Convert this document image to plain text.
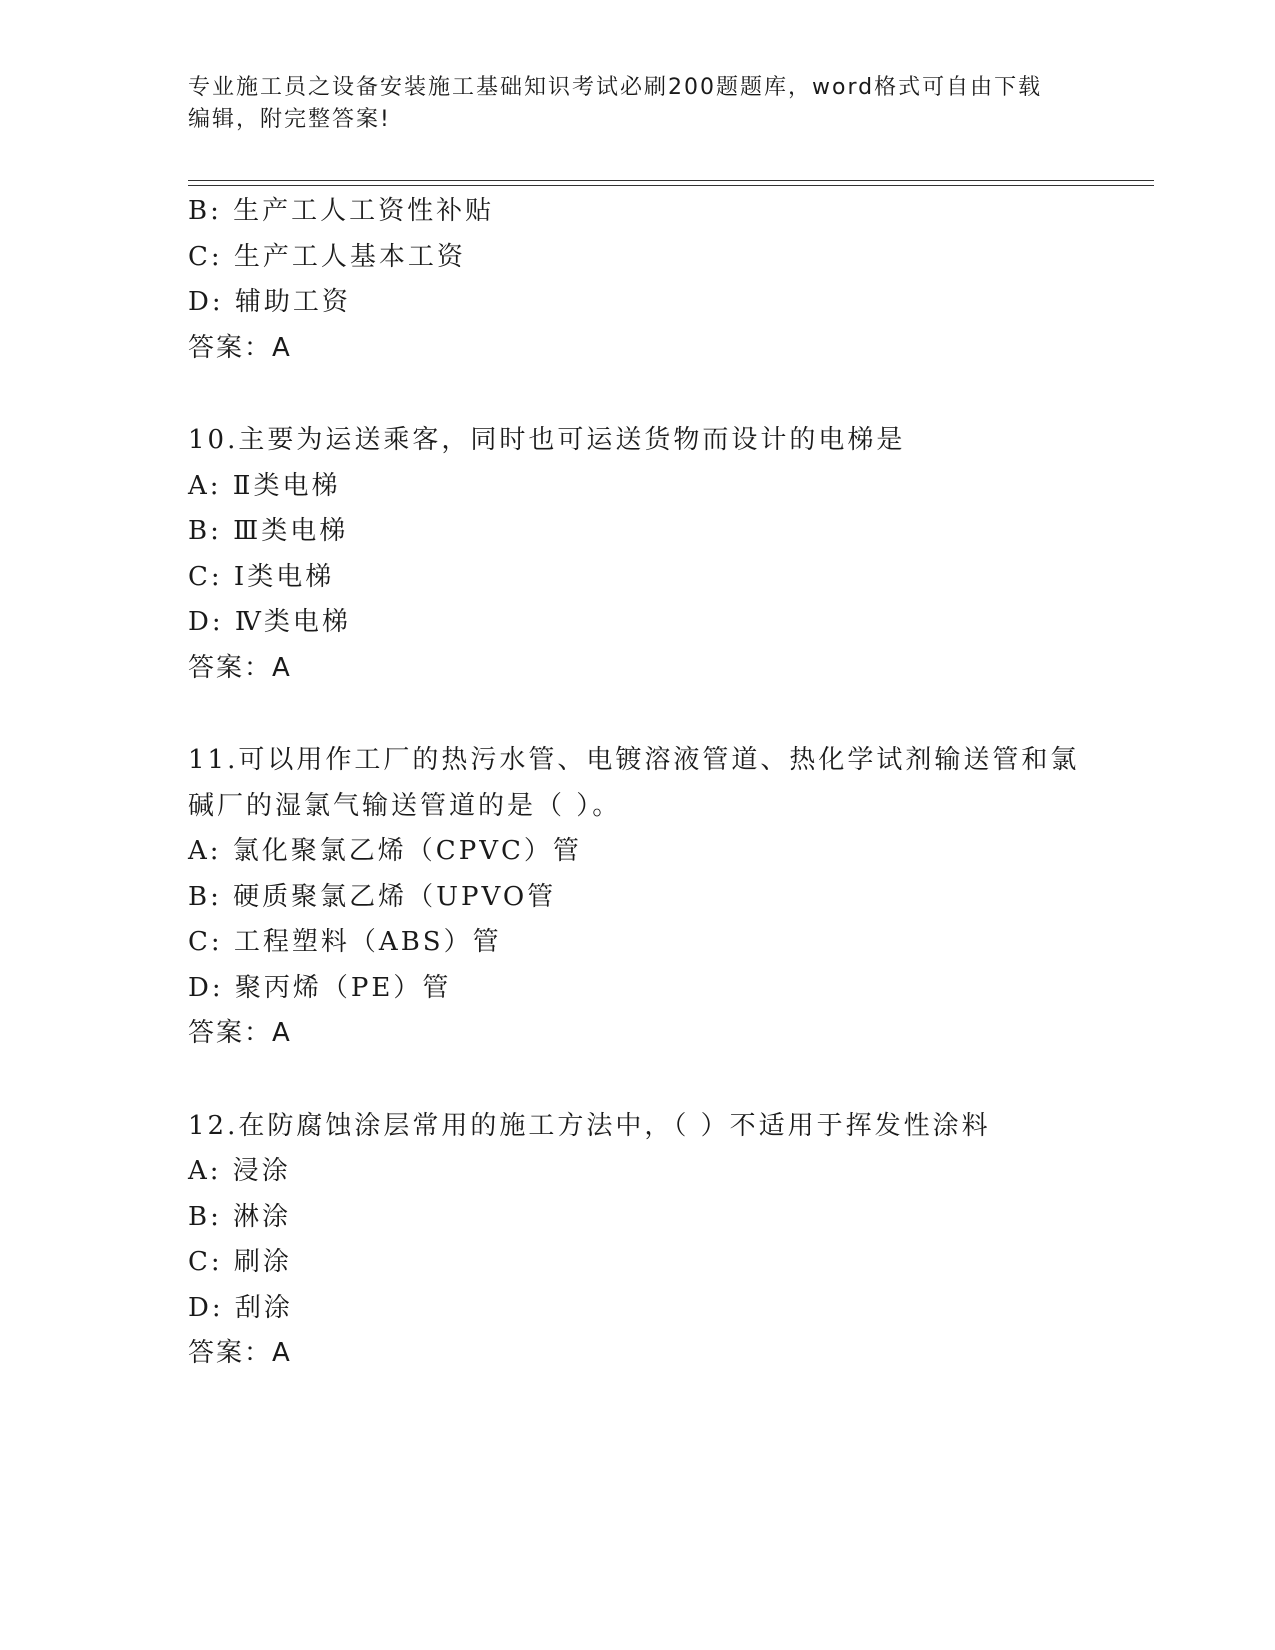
专业施工员之设备安装施工基础知识考试必刷200题题库，word格式可自由下载
编辑，附完整答案!
B: 生产工人工资性补贴
C: 生产工人基本工资
D: 辅助工资
答案：A
10.主要为运送乘客，同时也可运送货物而设计的电梯是
A: Ⅱ类电梯
B: Ⅲ类电梯
C: Ⅰ类电梯
D: Ⅳ类电梯
答案：A
11.可以用作工厂的热污水管、电镀溶液管道、热化学试剂输送管和氯
碱厂的湿氯气输送管道的是（ ）。
A: 氯化聚氯乙烯（CPVC）管
B: 硬质聚氯乙烯（UPVO管
C: 工程塑料（ABS）管
D: 聚丙烯（PE）管
答案：A
12.在防腐蚀涂层常用的施工方法中，（ ）不适用于挥发性涂料
A: 浸涂
B: 淋涂
C: 刷涂
D: 刮涂
答案：A
